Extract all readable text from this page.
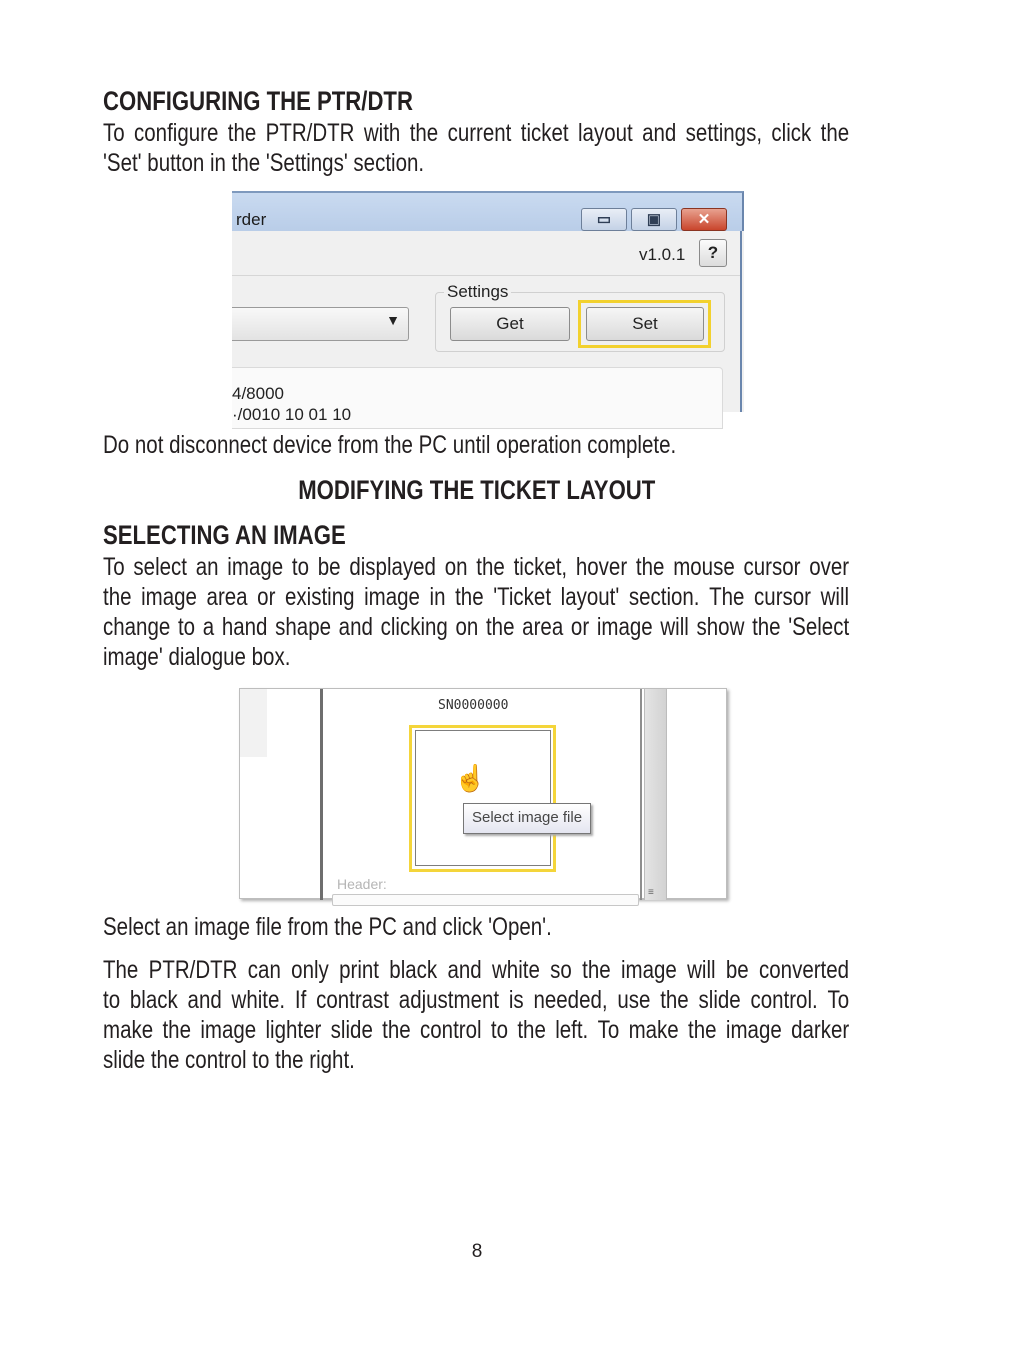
CONFIGURING THE PTR/DTR
To configure the PTR/DTR with the current ticket layout and settings, click the
'Set' button in the 'Settings' section.
rder	▭	▣	✕
v1.0.1	?
▼
Settings
Get	Set
4/8000
·/0010 10 01 10
Do not disconnect device from the PC until operation complete.
MODIFYING THE TICKET LAYOUT
SELECTING AN IMAGE
To select an image to be displayed on the ticket, hover the mouse cursor over
the image area or existing image in the 'Ticket layout' section. The cursor will
change to a hand shape and clicking on the area or image will show the 'Select
image' dialogue box.
≡
SN0000000
☝
Select image file
Header:
Select an image file from the PC and click 'Open'.
The PTR/DTR can only print black and white so the image will be converted
to black and white. If contrast adjustment is needed, use the slide control. To
make the image lighter slide the control to the left. To make the image darker
slide the control to the right.
8
